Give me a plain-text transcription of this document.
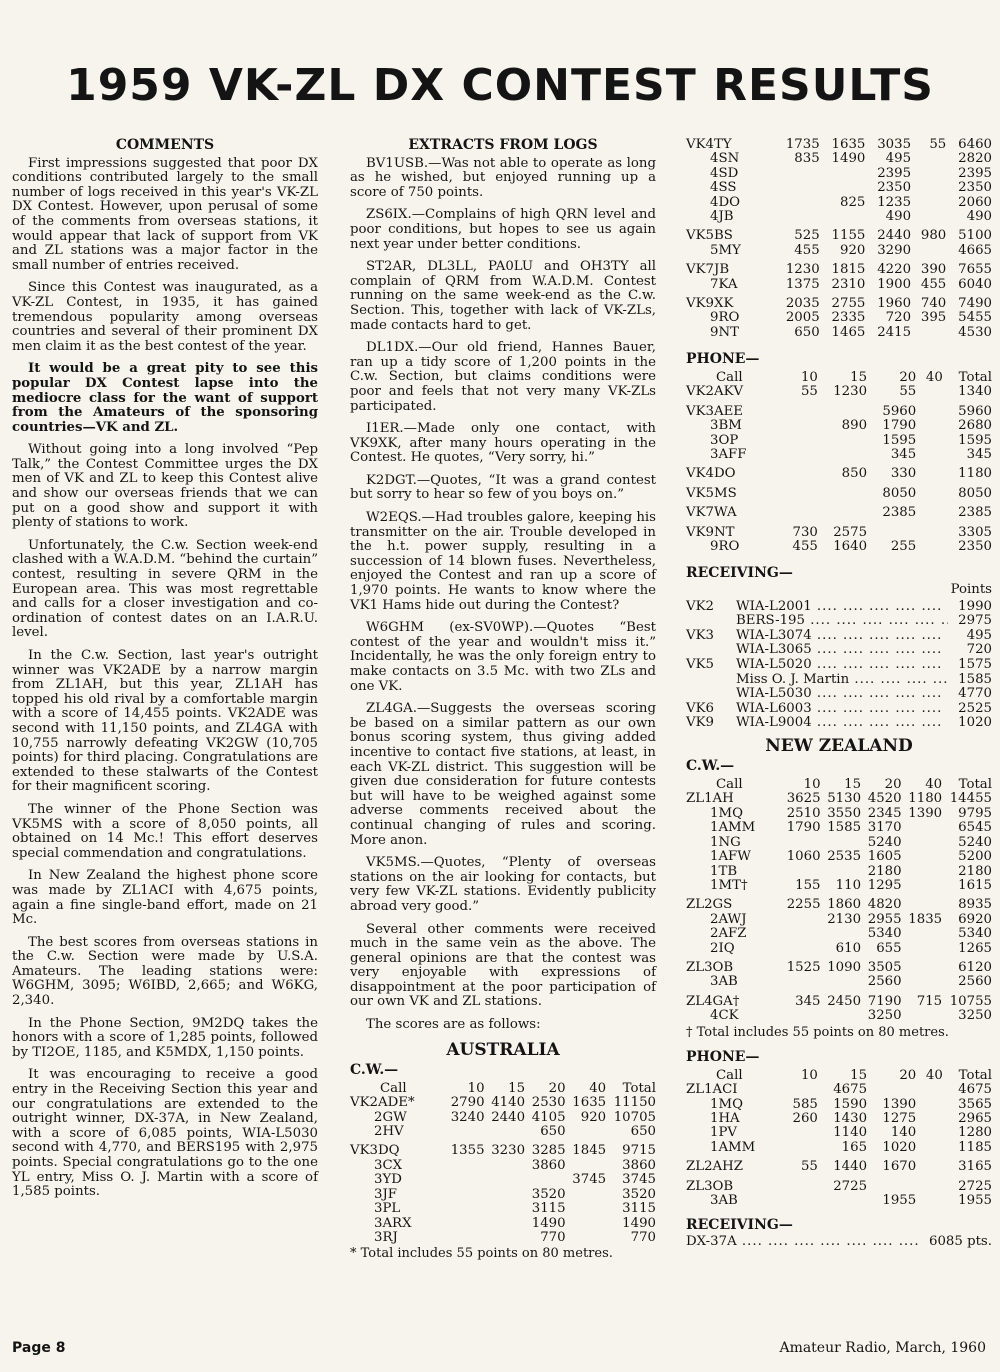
1959 VK-ZL DX CONTEST RESULTS
COMMENTS

First impressions suggested that poor DX conditions contributed largely to the small number of logs received in this year's VK-ZL DX Contest. However, upon perusal of some of the comments from overseas stations, it would appear that lack of support from VK and ZL stations was a major factor in the small number of entries received.

Since this Contest was inaugurated, as a VK-ZL Contest, in 1935, it has gained tremendous popularity among overseas countries and several of their prominent DX men claim it as the best contest of the year.

It would be a great pity to see this popular DX Contest lapse into the mediocre class for the want of support from the Amateurs of the sponsoring countries—VK and ZL.

Without going into a long involved “Pep Talk,” the Contest Committee urges the DX men of VK and ZL to keep this Contest alive and show our overseas friends that we can put on a good show and support it with plenty of stations to work.

Unfortunately, the C.w. Section week-end clashed with a W.A.D.M. “behind the curtain” contest, resulting in severe QRM in the European area. This was most regrettable and calls for a closer investigation and co-ordination of contest dates on an I.A.R.U. level.

In the C.w. Section, last year's outright winner was VK2ADE by a narrow margin from ZL1AH, but this year, ZL1AH has topped his old rival by a comfortable margin with a score of 14,455 points. VK2ADE was second with 11,150 points, and ZL4GA with 10,755 narrowly defeating VK2GW (10,705 points) for third placing. Congratulations are extended to these stalwarts of the Contest for their magnificent scoring.

The winner of the Phone Section was VK5MS with a score of 8,050 points, all obtained on 14 Mc.! This effort deserves special commendation and congratulations.

In New Zealand the highest phone score was made by ZL1ACI with 4,675 points, again a fine single-band effort, made on 21 Mc.

The best scores from overseas stations in the C.w. Section were made by U.S.A. Amateurs. The leading stations were: W6GHM, 3095; W6IBD, 2,665; and W6KG, 2,340.

In the Phone Section, 9M2DQ takes the honors with a score of 1,285 points, followed by TI2OE, 1185, and K5MDX, 1,150 points.

It was encouraging to receive a good entry in the Receiving Section this year and our congratulations are extended to the outright winner, DX-37A, in New Zealand, with a score of 6,085 points, WIA-L5030 second with 4,770, and BERS195 with 2,975 points. Special congratulations go to the one YL entry, Miss O. J. Martin with a score of 1,585 points.

EXTRACTS FROM LOGS

BV1USB.—Was not able to operate as long as he wished, but enjoyed running up a score of 750 points.

ZS6IX.—Complains of high QRN level and poor conditions, but hopes to see us again next year under better conditions.

ST2AR, DL3LL, PA0LU and OH3TY all complain of QRM from W.A.D.M. Contest running on the same week-end as the C.w. Section. This, together with lack of VK-ZLs, made contacts hard to get.

DL1DX.—Our old friend, Hannes Bauer, ran up a tidy score of 1,200 points in the C.w. Section, but claims conditions were poor and feels that not very many VK-ZLs participated.

I1ER.—Made only one contact, with VK9XK, after many hours operating in the Contest. He quotes, “Very sorry, hi.”

K2DGT.—Quotes, “It was a grand contest but sorry to hear so few of you boys on.”

W2EQS.—Had troubles galore, keeping his transmitter on the air. Trouble developed in the h.t. power supply, resulting in a succession of 14 blown fuses. Nevertheless, enjoyed the Contest and ran up a score of 1,970 points. He wants to know where the VK1 Hams hide out during the Contest?

W6GHM (ex-SV0WP).—Quotes “Best contest of the year and wouldn't miss it.” Incidentally, he was the only foreign entry to make contacts on 3.5 Mc. with two ZLs and one VK.

ZL4GA.—Suggests the overseas scoring be based on a similar pattern as our own bonus scoring system, thus giving added incentive to contact five stations, at least, in each VK-ZL district. This suggestion will be given due consideration for future contests but will have to be weighed against some adverse comments received about the continual changing of rules and scoring. More anon.

VK5MS.—Quotes, “Plenty of overseas stations on the air looking for contacts, but very few VK-ZL stations. Evidently publicity abroad very good.”

Several other comments were received much in the same vein as the above. The general opinions are that the contest was very enjoyable with expressions of disappointment at the poor participation of our own VK and ZL stations.

The scores are as follows:

AUSTRALIA
C.W.—
Call	10	15	20	40	Total
VK2ADE*	2790	4140	2530	1635	11150
2GW	3240	2440	4105	920	10705
2HV			650		650
VK3DQ	1355	3230	3285	1845	9715
3CX			3860		3860
3YD				3745	3745
3JF			3520		3520
3PL			3115		3115
3ARX			1490		1490
3RJ			770		770
* Total includes 55 points on 80 metres.
VK4TY	1735	1635	3035	55	6460
4SN	835	1490	495		2820
4SD			2395		2395
4SS			2350		2350
4DO		825	1235		2060
4JB			490		490
VK5BS	525	1155	2440	980	5100
5MY	455	920	3290		4665
VK7JB	1230	1815	4220	390	7655
7KA	1375	2310	1900	455	6040
VK9XK	2035	2755	1960	740	7490
9RO	2005	2335	720	395	5455
9NT	650	1465	2415		4530
PHONE—
Call	10	15	20	40	Total
VK2AKV	55	1230	55		1340
VK3AEE			5960		5960
3BM		890	1790		2680
3OP			1595		1595
3AFF			345		345
VK4DO		850	330		1180
VK5MS			8050		8050
VK7WA			2385		2385
VK9NT	730	2575			3305
9RO	455	1640	255		2350
RECEIVING—
Points
VK2	WIA-L2001 ....	1990
BERS-195 ....	2975
VK3	WIA-L3074 ....	495
WIA-L3065 ....	720
VK5	WIA-L5020 ....	1575
Miss O. J. Martin ....	1585
WIA-L5030 ....	4770
VK6	WIA-L6003 ....	2525
VK9	WIA-L9004 ....	1020
NEW ZEALAND
C.W.—
Call	10	15	20	40	Total
ZL1AH	3625	5130	4520	1180	14455
1MQ	2510	3550	2345	1390	9795
1AMM	1790	1585	3170		6545
1NG			5240		5240
1AFW	1060	2535	1605		5200
1TB			2180		2180
1MT†	155	110	1295		1615
ZL2GS	2255	1860	4820		8935
2AWJ		2130	2955	1835	6920
2AFZ			5340		5340
2IQ		610	655		1265
ZL3OB	1525	1090	3505		6120
3AB			2560		2560
ZL4GA†	345	2450	7190	715	10755
4CK			3250		3250
† Total includes 55 points on 80 metres.
PHONE—
Call	10	15	20	40	Total
ZL1ACI		4675			4675
1MQ	585	1590	1390		3565
1HA	260	1430	1275		2965
1PV		1140	140		1280
1AMM		165	1020		1185
ZL2AHZ	55	1440	1670		3165
ZL3OB		2725			2725
3AB			1955		1955
RECEIVING—
DX-37A ....	6085 pts.
Page 8	Amateur Radio, March, 1960
